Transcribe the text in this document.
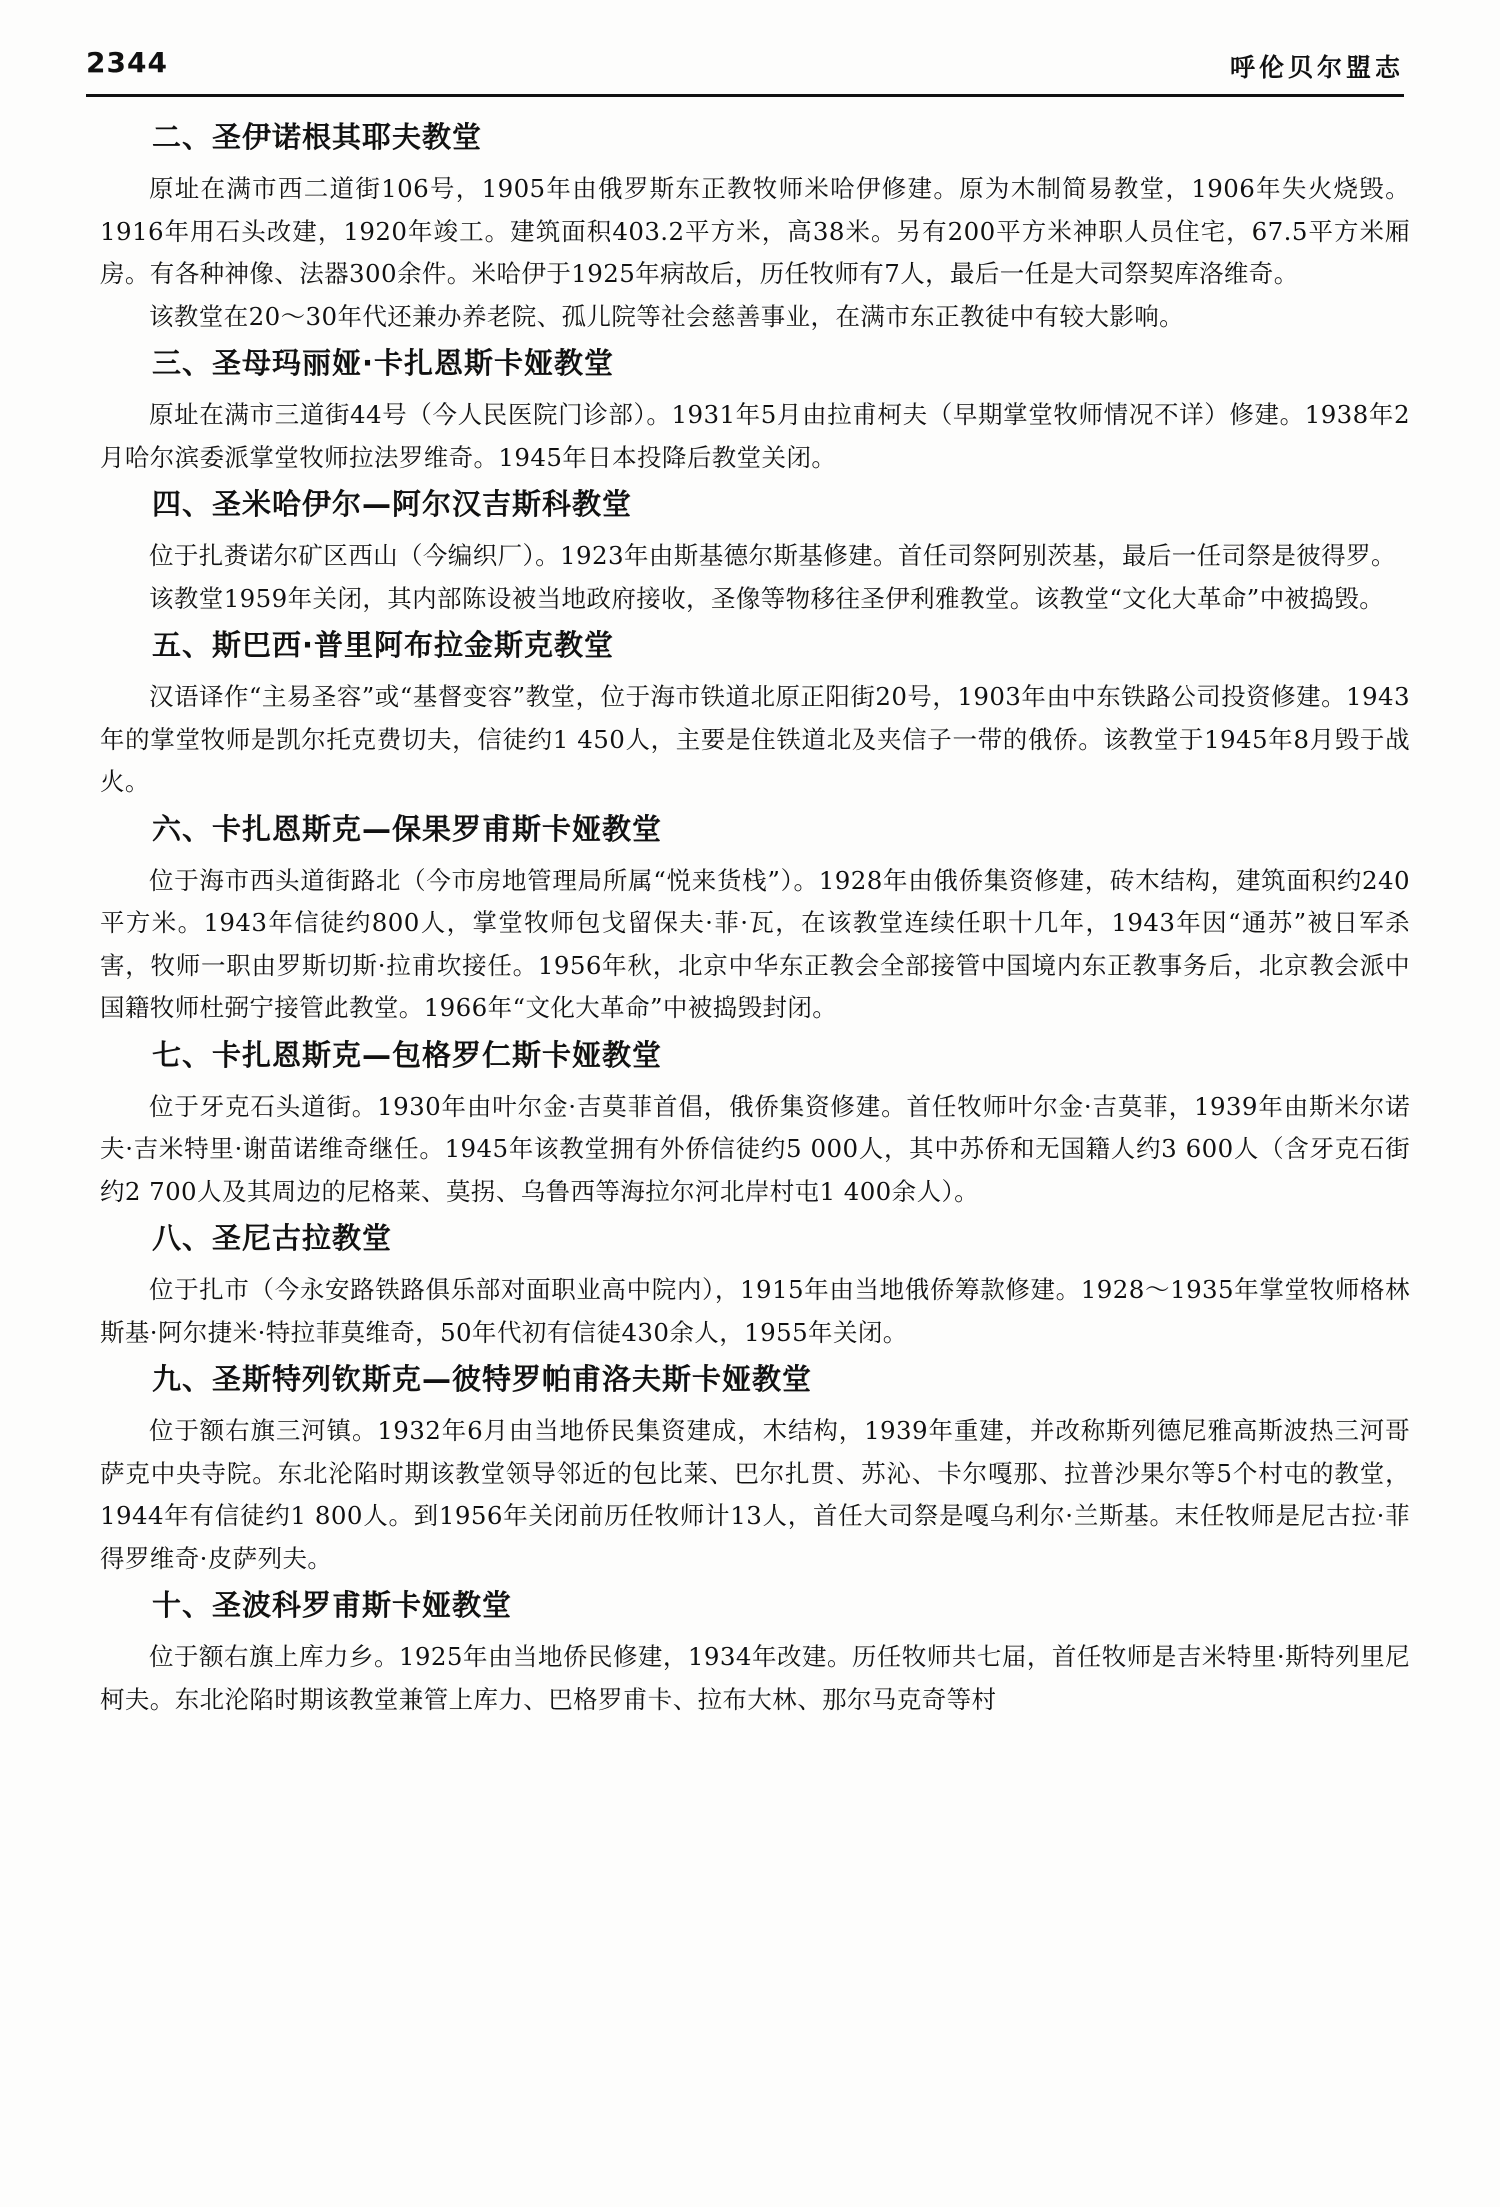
2344	呼伦贝尔盟志
二、圣伊诺根其耶夫教堂

原址在满市西二道街106号，1905年由俄罗斯东正教牧师米哈伊修建。原为木制简易教堂，1906年失火烧毁。1916年用石头改建，1920年竣工。建筑面积403.2平方米，高38米。另有200平方米神职人员住宅，67.5平方米厢房。有各种神像、法器300余件。米哈伊于1925年病故后，历任牧师有7人，最后一任是大司祭契库洛维奇。

该教堂在20～30年代还兼办养老院、孤儿院等社会慈善事业，在满市东正教徒中有较大影响。

三、圣母玛丽娅·卡扎恩斯卡娅教堂

原址在满市三道街44号（今人民医院门诊部）。1931年5月由拉甫柯夫（早期掌堂牧师情况不详）修建。1938年2月哈尔滨委派掌堂牧师拉法罗维奇。1945年日本投降后教堂关闭。

四、圣米哈伊尔—阿尔汉吉斯科教堂

位于扎赉诺尔矿区西山（今编织厂）。1923年由斯基德尔斯基修建。首任司祭阿别茨基，最后一任司祭是彼得罗。

该教堂1959年关闭，其内部陈设被当地政府接收，圣像等物移往圣伊利雅教堂。该教堂“文化大革命”中被捣毁。

五、斯巴西·普里阿布拉金斯克教堂

汉语译作“主易圣容”或“基督变容”教堂，位于海市铁道北原正阳街20号，1903年由中东铁路公司投资修建。1943年的掌堂牧师是凯尔托克费切夫，信徒约1 450人，主要是住铁道北及夹信子一带的俄侨。该教堂于1945年8月毁于战火。

六、卡扎恩斯克—保果罗甫斯卡娅教堂

位于海市西头道街路北（今市房地管理局所属“悦来货栈”）。1928年由俄侨集资修建，砖木结构，建筑面积约240平方米。1943年信徒约800人，掌堂牧师包戈留保夫·菲·瓦，在该教堂连续任职十几年，1943年因“通苏”被日军杀害，牧师一职由罗斯切斯·拉甫坎接任。1956年秋，北京中华东正教会全部接管中国境内东正教事务后，北京教会派中国籍牧师杜弼宁接管此教堂。1966年“文化大革命”中被捣毁封闭。

七、卡扎恩斯克—包格罗仁斯卡娅教堂

位于牙克石头道街。1930年由叶尔金·吉莫菲首倡，俄侨集资修建。首任牧师叶尔金·吉莫菲，1939年由斯米尔诺夫·吉米特里·谢苗诺维奇继任。1945年该教堂拥有外侨信徒约5 000人，其中苏侨和无国籍人约3 600人（含牙克石街约2 700人及其周边的尼格莱、莫拐、乌鲁西等海拉尔河北岸村屯1 400余人）。

八、圣尼古拉教堂

位于扎市（今永安路铁路俱乐部对面职业高中院内），1915年由当地俄侨筹款修建。1928～1935年掌堂牧师格林斯基·阿尔捷米·特拉菲莫维奇，50年代初有信徒430余人，1955年关闭。

九、圣斯特列钦斯克—彼特罗帕甫洛夫斯卡娅教堂

位于额右旗三河镇。1932年6月由当地侨民集资建成，木结构，1939年重建，并改称斯列德尼雅高斯波热三河哥萨克中央寺院。东北沦陷时期该教堂领导邻近的包比莱、巴尔扎贯、苏沁、卡尔嘎那、拉普沙果尔等5个村屯的教堂，1944年有信徒约1 800人。到1956年关闭前历任牧师计13人，首任大司祭是嘎乌利尔·兰斯基。末任牧师是尼古拉·菲得罗维奇·皮萨列夫。

十、圣波科罗甫斯卡娅教堂

位于额右旗上库力乡。1925年由当地侨民修建，1934年改建。历任牧师共七届，首任牧师是吉米特里·斯特列里尼柯夫。东北沦陷时期该教堂兼管上库力、巴格罗甫卡、拉布大林、那尔马克奇等村
